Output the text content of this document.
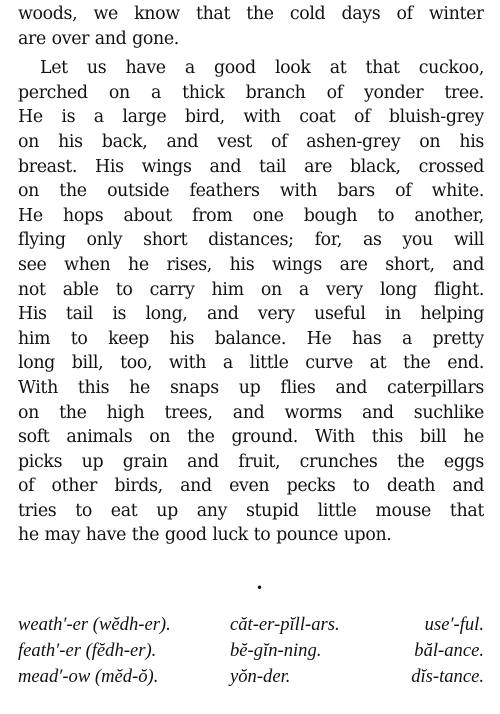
woods, we know that the cold days of winter
are over and gone.
Let us have a good look at that cuckoo,
perched on a thick branch of yonder tree.
He is a large bird, with coat of bluish-grey
on his back, and vest of ashen-grey on his
breast. His wings and tail are black, crossed
on the outside feathers with bars of white.
He hops about from one bough to another,
flying only short distances; for, as you will
see when he rises, his wings are short, and
not able to carry him on a very long flight.
His tail is long, and very useful in helping
him to keep his balance. He has a pretty
long bill, too, with a little curve at the end.
With this he snaps up flies and caterpillars
on the high trees, and worms and suchlike
soft animals on the ground. With this bill he
picks up grain and fruit, crunches the eggs
of other birds, and even pecks to death and
tries to eat up any stupid little mouse that
he may have the good luck to pounce upon.
•
weath′-er (wĕdh-er).	căt-er-pĭll-ars.	use′-ful.
feath′-er (fĕdh-er).	bĕ-gĭn-ning.	băl-ance.
mead′-ow (mĕd-ŏ).	yŏn-der.	dĭs-tance.
